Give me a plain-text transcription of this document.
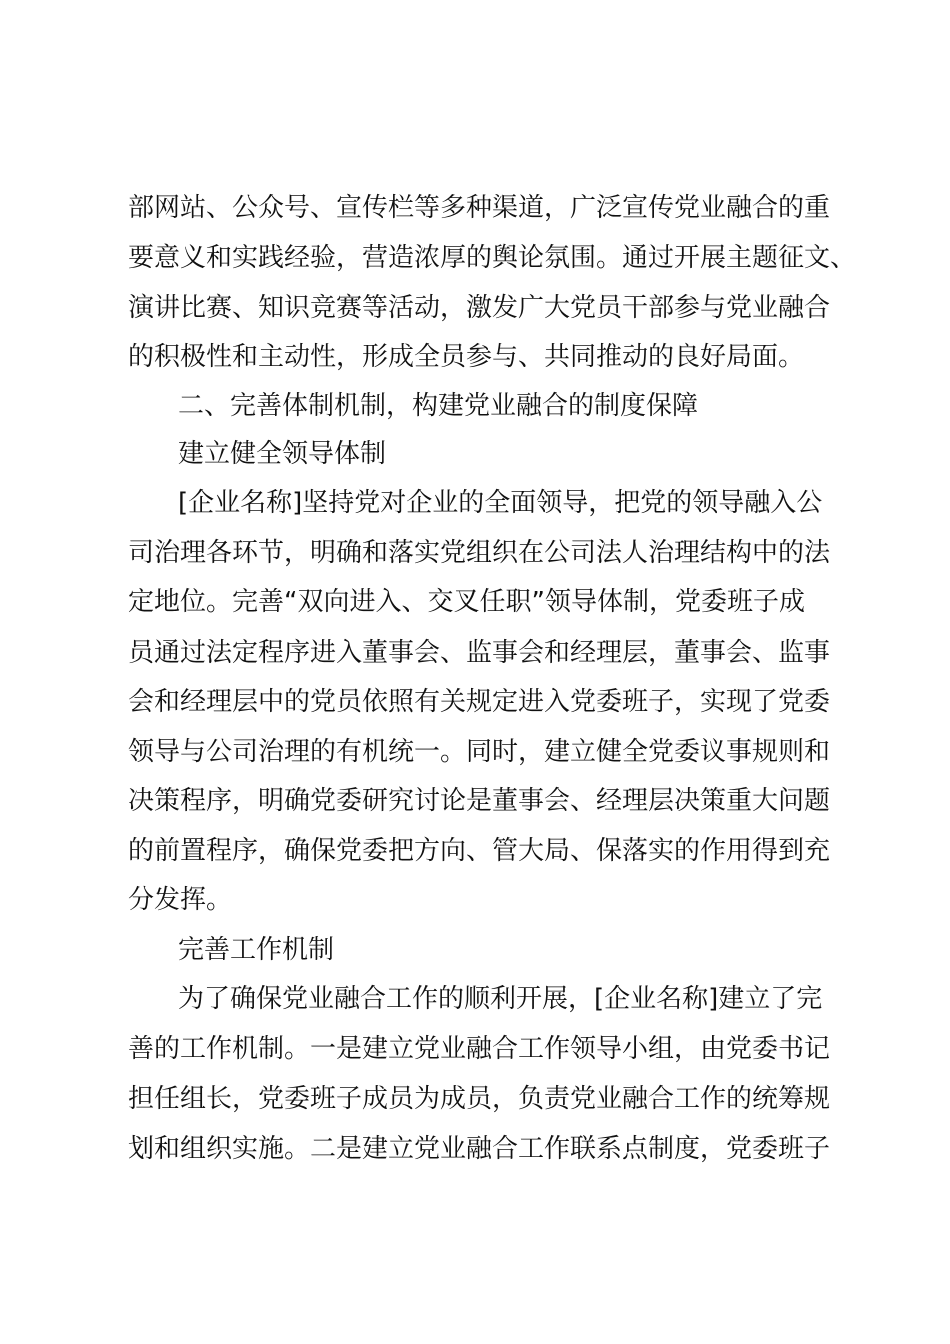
部网站、公众号、宣传栏等多种渠道，广泛宣传党业融合的重
要意义和实践经验，营造浓厚的舆论氛围。通过开展主题征文、
演讲比赛、知识竞赛等活动，激发广大党员干部参与党业融合
的积极性和主动性，形成全员参与、共同推动的良好局面。
二、完善体制机制，构建党业融合的制度保障
建立健全领导体制
[企业名称]坚持党对企业的全面领导，把党的领导融入公
司治理各环节，明确和落实党组织在公司法人治理结构中的法
定地位。完善“双向进入、交叉任职”领导体制，党委班子成
员通过法定程序进入董事会、监事会和经理层，董事会、监事
会和经理层中的党员依照有关规定进入党委班子，实现了党委
领导与公司治理的有机统一。同时，建立健全党委议事规则和
决策程序，明确党委研究讨论是董事会、经理层决策重大问题
的前置程序，确保党委把方向、管大局、保落实的作用得到充
分发挥。
完善工作机制
为了确保党业融合工作的顺利开展，[企业名称]建立了完
善的工作机制。一是建立党业融合工作领导小组，由党委书记
担任组长，党委班子成员为成员，负责党业融合工作的统筹规
划和组织实施。二是建立党业融合工作联系点制度，党委班子
